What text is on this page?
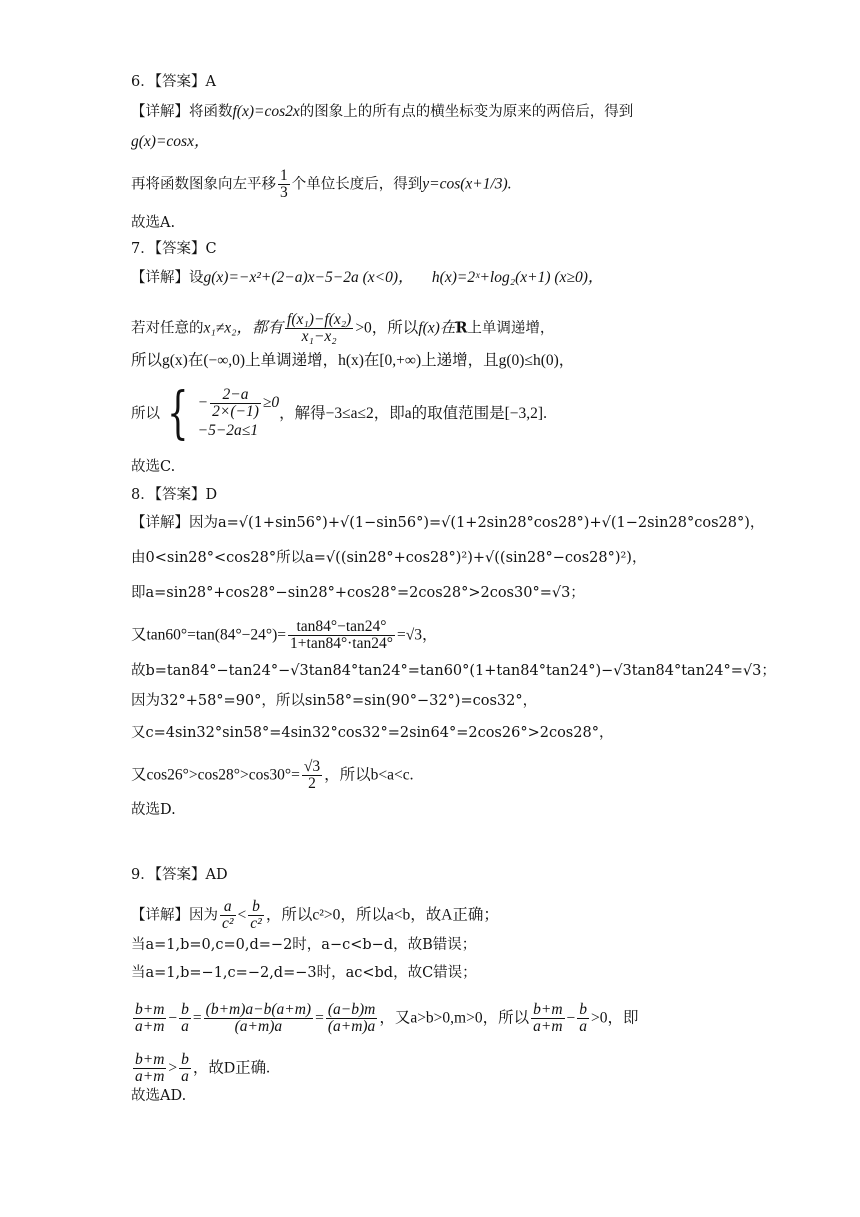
6．【答案】A
【详解】将函数f(x)=cos2x的图象上的所有点的横坐标变为原来的两倍后，得到
g(x)=cosx，
再将函数图象向左平移 $\frac{1}{3}$ 个单位长度后，得到y=cos(x+1/3).
故选A.
7．【答案】C
【详解】设g(x)=−x²+(2−a)x−5−2a (x<0)， h(x)=2ˣ+log₂(x+1) (x≥0)，
若对任意的x₁≠x₂，都有 $\frac{\text{f(x₁)−f(x₂)}}{\text{x₁−x₂}} >0$，所以f(x)在R上单调递增，
所以g(x)在(−∞,0)上单调递增，h(x)在[0,+∞)上递增，且g(0)≤h(0)，
所以 { − $\frac{2-a}{2\times(-1)} \ge 0$
−5−2a≤1
，解得−3≤a≤2，即a的取值范围是[−3,2].
故选C.
8．【答案】D
【详解】因为a=√(1+sin56°)+√(1−sin56°)=√(1+2sin28°cos28°)+√(1−2sin28°cos28°)，
由0<sin28°<cos28°所以a=√((sin28°+cos28°)²)+√((sin28°−cos28°)²)，
即a=sin28°+cos28°−sin28°+cos28°=2cos28°>2cos30°=√3；
又$\tan 60^\circ=\tan(84^\circ-24^\circ)= \frac{\tan 84^\circ-\tan 24^\circ}{1+\tan 84^\circ\cdot\tan 24^\circ} =√3$，
故b=tan84°−tan24°−√3tan84°tan24°=tan60°(1+tan84°tan24°)−√3tan84°tan24°=√3；
因为32°+58°=90°，所以sin58°=sin(90°−32°)=cos32°，
又c=4sin32°sin58°=4sin32°cos32°=2sin64°=2cos26°>2cos28°，
又$\cos 26^\circ>\cos 28^\circ>\cos 30^\circ= \frac{√3}{2}$ ，所以b<a<c.
故选D.
9．【答案】AD
【详解】因为 $\frac{a}{\text{c²}} < \frac{b}{\text{c²}}$ ，所以c²>0，所以a<b，故A正确；
当a=1,b=0,c=0,d=−2时，a−c<b−d，故B错误；
当a=1,b=−1,c=−2,d=−3时，ac<bd，故C错误；
$\frac{b+m}{a+m} - \frac{b}{a} = \frac{(b+m)a-b(a+m)}{(a+m)a} = \frac{(a-b)m}{(a+m)a}$ ，又a>b>0,m>0，所以 $\frac{b+m}{a+m} - \frac{b}{a} >0$，即
$\frac{b+m}{a+m} > \frac{b}{a}$ ，故D正确.
故选AD.
